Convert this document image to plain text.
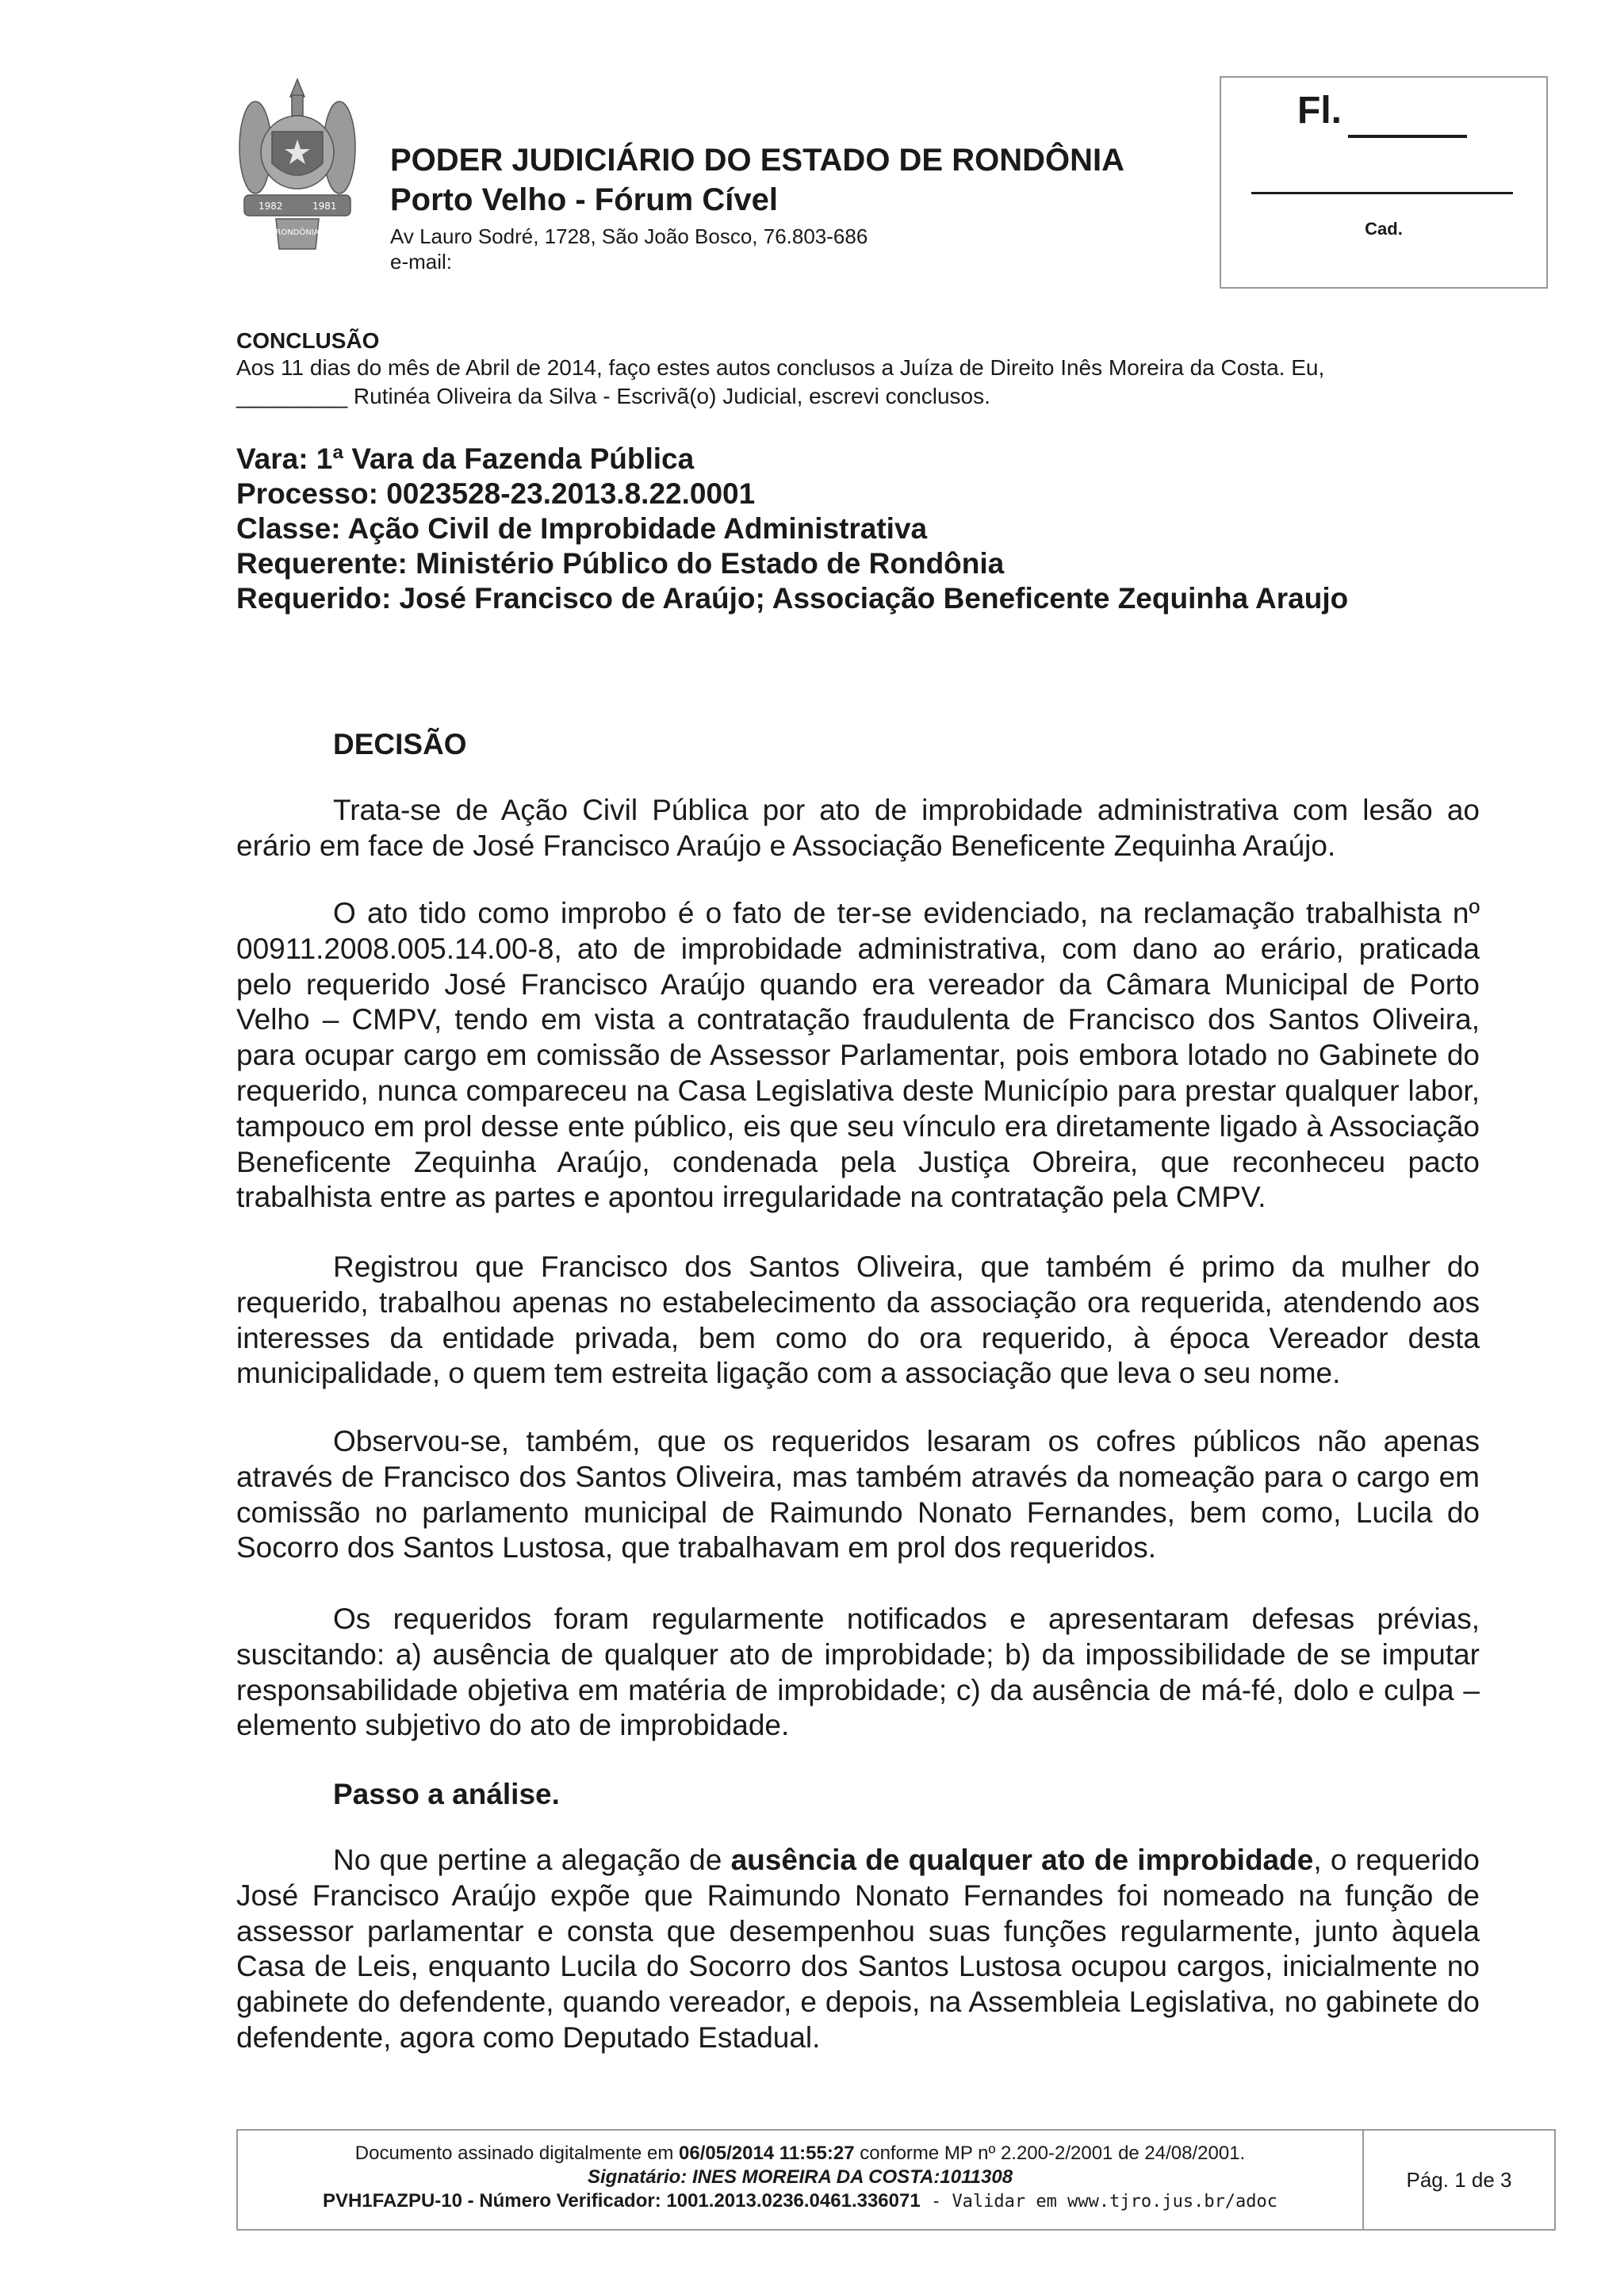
1982	1981
RONDÔNIA
PODER JUDICIÁRIO DO ESTADO DE RONDÔNIA
Porto Velho - Fórum Cível
Av Lauro Sodré, 1728, São João Bosco, 76.803-686
e-mail:
Fl.
Cad.
CONCLUSÃO
Aos 11 dias do mês de Abril de 2014, faço estes autos conclusos a Juíza de Direito Inês Moreira da Costa. Eu,
_________ Rutinéa Oliveira da Silva - Escrivã(o) Judicial, escrevi conclusos.
Vara: 1ª Vara da Fazenda Pública
Processo: 0023528-23.2013.8.22.0001
Classe: Ação Civil de Improbidade Administrativa
Requerente: Ministério Público do Estado de Rondônia
Requerido: José Francisco de Araújo; Associação Beneficente Zequinha Araujo
DECISÃO
Trata-se de Ação Civil Pública por ato de improbidade administrativa com lesão ao erário em face de José Francisco Araújo e Associação Beneficente Zequinha Araújo.
O ato tido como improbo é o fato de ter-se evidenciado, na reclamação trabalhista nº 00911.2008.005.14.00-8, ato de improbidade administrativa, com dano ao erário, praticada pelo requerido José Francisco Araújo quando era vereador da Câmara Municipal de Porto Velho – CMPV, tendo em vista a contratação fraudulenta de Francisco dos Santos Oliveira, para ocupar cargo em comissão de Assessor Parlamentar, pois embora lotado no Gabinete do requerido, nunca compareceu na Casa Legislativa deste Município para prestar qualquer labor, tampouco em prol desse ente público, eis que seu vínculo era diretamente ligado à Associação Beneficente Zequinha Araújo, condenada pela Justiça Obreira, que reconheceu pacto trabalhista entre as partes e apontou irregularidade na contratação pela CMPV.
Registrou que Francisco dos Santos Oliveira, que também é primo da mulher do requerido, trabalhou apenas no estabelecimento da associação ora requerida, atendendo aos interesses da entidade privada, bem como do ora requerido, à época Vereador desta municipalidade, o quem tem estreita ligação com a associação que leva o seu nome.
Observou-se, também, que os requeridos lesaram os cofres públicos não apenas através de Francisco dos Santos Oliveira, mas também através da nomeação para o cargo em comissão no parlamento municipal de Raimundo Nonato Fernandes, bem como, Lucila do Socorro dos Santos Lustosa, que trabalhavam em prol dos requeridos.
Os requeridos foram regularmente notificados e apresentaram defesas prévias, suscitando: a) ausência de qualquer ato de improbidade; b) da impossibilidade de se imputar responsabilidade objetiva em matéria de improbidade; c) da ausência de má-fé, dolo e culpa – elemento subjetivo do ato de improbidade.
Passo a análise.
No que pertine a alegação de ausência de qualquer ato de improbidade, o requerido José Francisco Araújo expõe que Raimundo Nonato Fernandes foi nomeado na função de assessor parlamentar e consta que desempenhou suas funções regularmente, junto àquela Casa de Leis, enquanto Lucila do Socorro dos Santos Lustosa ocupou cargos, inicialmente no gabinete do defendente, quando vereador, e depois, na Assembleia Legislativa, no gabinete do defendente, agora como Deputado Estadual.
Documento assinado digitalmente em 06/05/2014 11:55:27 conforme MP nº 2.200-2/2001 de 24/08/2001.
Signatário: INES MOREIRA DA COSTA:1011308
PVH1FAZPU-10 - Número Verificador: 1001.2013.0236.0461.336071 - Validar em www.tjro.jus.br/adoc
Pág. 1 de 3
